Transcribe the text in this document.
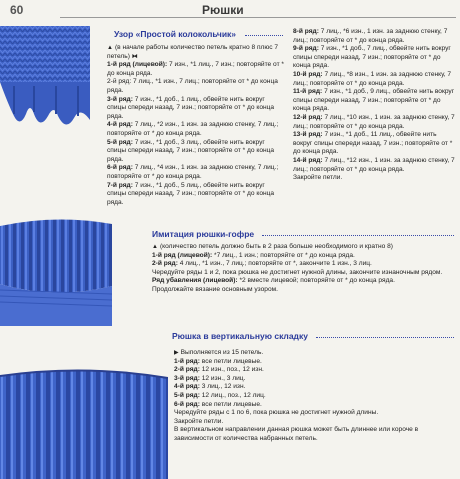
60	Рюшки
Узор «Простой колокольчик»

▲ (в начале работы количество петель кратно 8 плюс 7 петель) ⧓

1-й ряд (лицевой): 7 изн., *1 лиц., 7 изн.; повторяйте от * до конца ряда.

2-й ряд: 7 лиц., *1 изн., 7 лиц.; повторяйте от * до конца ряда.

3-й ряд: 7 изн., *1 доб., 1 лиц., обвейте нить вокруг спицы спереди назад, 7 изн.; повторяйте от * до конца ряда.

4-й ряд: 7 лиц., *2 изн., 1 изн. за заднюю стенку, 7 лиц.; повторяйте от * до конца ряда.

5-й ряд: 7 изн., *1 доб., 3 лиц., обвейте нить вокруг спицы спереди назад, 7 изн.; повторяйте от * до конца ряда.

6-й ряд: 7 лиц., *4 изн., 1 изн. за заднюю стенку, 7 лиц.; повторяйте от * до конца ряда.

7-й ряд: 7 изн., *1 доб., 5 лиц., обвейте нить вокруг спицы спереди назад, 7 изн.; повторяйте от * до конца ряда.

8-й ряд: 7 лиц., *6 изн., 1 изн. за заднюю стенку, 7 лиц.; повторяйте от * до конца ряда.

9-й ряд: 7 изн., *1 доб., 7 лиц., обвейте нить вокруг спицы спереди назад, 7 изн.; повторяйте от * до конца ряда.

10-й ряд: 7 лиц., *8 изн., 1 изн. за заднюю стенку, 7 лиц.; повторяйте от * до конца ряда.

11-й ряд: 7 изн., *1 доб., 9 лиц., обвейте нить вокруг спицы спереди назад, 7 изн.; повторяйте от * до конца ряда.

12-й ряд: 7 лиц., *10 изн., 1 изн. за заднюю стенку, 7 лиц.; повторяйте от * до конца ряда.

13-й ряд: 7 изн., *1 доб., 11 лиц., обвейте нить вокруг спицы спереди назад, 7 изн.; повторяйте от * до конца ряда.

14-й ряд: 7 лиц., *12 изн., 1 изн. за заднюю стенку, 7 лиц.; повторяйте от * до конца ряда.

Закройте петли.

Имитация рюшки-гофре

▲ (количество петель должно быть в 2 раза больше необходимого и кратно 8)

1-й ряд (лицевой): *7 лиц., 1 изн.; повторяйте от * до конца ряда.

2-й ряд: 4 лиц., *1 изн., 7 лиц.; повторяйте от *, закончите 1 изн., 3 лиц.

Чередуйте ряды 1 и 2, пока рюшка не достигнет нужной длины, закончите изнаночным рядом.

Ряд убавления (лицевой): *2 вместе лицевой; повторяйте от * до конца ряда.

Продолжайте вязание основным узором.

Рюшка в вертикальную складку

▶ Выполняется из 15 петель.

1-й ряд: все петли лицевые.

2-й ряд: 12 изн., поз., 12 изн.

3-й ряд: 12 изн., 3 лиц.

4-й ряд: 3 лиц., 12 изн.

5-й ряд: 12 лиц., поз., 12 лиц.

6-й ряд: все петли лицевые.

Чередуйте ряды с 1 по 6, пока рюшка не достигнет нужной длины.

Закройте петли.

В вертикальном направлении данная рюшка может быть длиннее или короче в зависимости от количества набранных петель.
